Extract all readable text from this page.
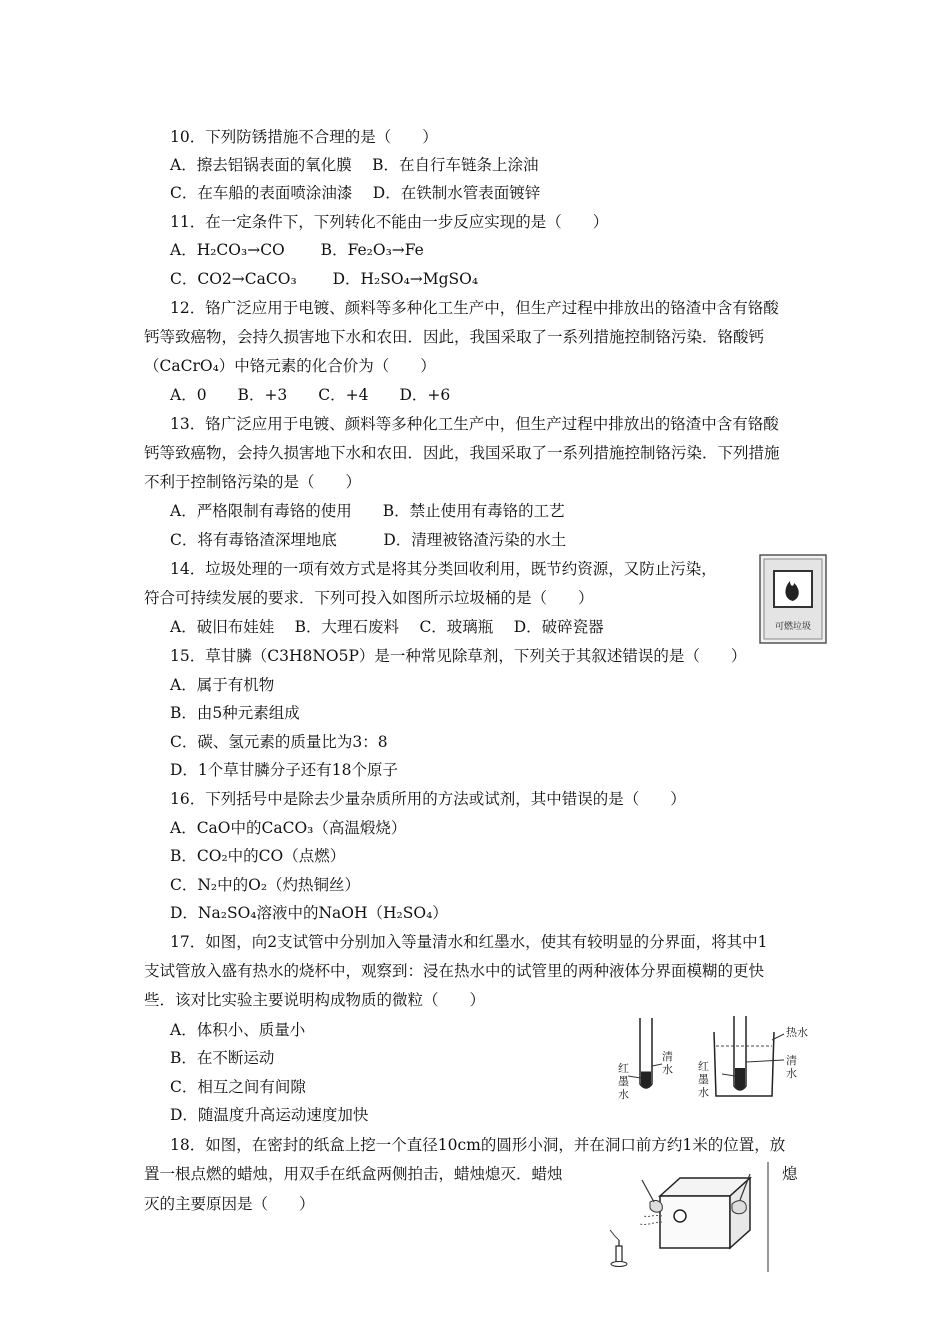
10．下列防锈措施不合理的是（　　）
A．擦去铝锅表面的氧化膜　 B．在自行车链条上涂油
C．在车船的表面喷涂油漆　 D．在铁制水管表面镀锌
11．在一定条件下，下列转化不能由一步反应实现的是（　　）
A．H₂CO₃→CO　　 B．Fe₂O₃→Fe
C．CO2→CaCO₃　　 D．H₂SO₄→MgSO₄
12．铬广泛应用于电镀、颜料等多种化工生产中，但生产过程中排放出的铬渣中含有铬酸
钙等致癌物，会持久损害地下水和农田．因此，我国采取了一系列措施控制铬污染．铬酸钙
（CaCrO₄）中铬元素的化合价为（　　）
A．0　　B．+3　　C．+4　　D．+6
13．铬广泛应用于电镀、颜料等多种化工生产中，但生产过程中排放出的铬渣中含有铬酸
钙等致癌物，会持久损害地下水和农田．因此，我国采取了一系列措施控制铬污染．下列措施
不利于控制铬污染的是（　　）
A．严格限制有毒铬的使用　　B．禁止使用有毒铬的工艺
C．将有毒铬渣深埋地底　　　D．清理被铬渣污染的水土
14．垃圾处理的一项有效方式是将其分类回收利用，既节约资源，又防止污染，
符合可持续发展的要求．下列可投入如图所示垃圾桶的是（　　）
A．破旧布娃娃　 B．大理石废料　 C．玻璃瓶　 D．破碎瓷器	可燃垃圾
15．草甘膦（C3H8NO5P）是一种常见除草剂，下列关于其叙述错误的是（　　）
A．属于有机物
B．由5种元素组成
C．碳、氢元素的质量比为3：8
D．1个草甘膦分子还有18个原子
16．下列括号中是除去少量杂质所用的方法或试剂，其中错误的是（　　）
A．CaO中的CaCO₃（高温煅烧）
B．CO₂中的CO（点燃）
C．N₂中的O₂（灼热铜丝）
D．Na₂SO₄溶液中的NaOH（H₂SO₄）
17．如图，向2支试管中分别加入等量清水和红墨水，使其有较明显的分界面，将其中1
支试管放入盛有热水的烧杯中，观察到：浸在热水中的试管里的两种液体分界面模糊的更快
些．该对比实验主要说明构成物质的微粒（　　）
A．体积小、质量小
B．在不断运动
C．相互之间有间隙
D．随温度升高运动速度加快
红
墨
水
清
水
热水
红
墨
水
清
水
18．如图，在密封的纸盒上挖一个直径10cm的圆形小洞，并在洞口前方约1米的位置，放
置一根点燃的蜡烛，用双手在纸盒两侧拍击，蜡烛熄灭．蜡烛	熄
灭的主要原因是（　　）
